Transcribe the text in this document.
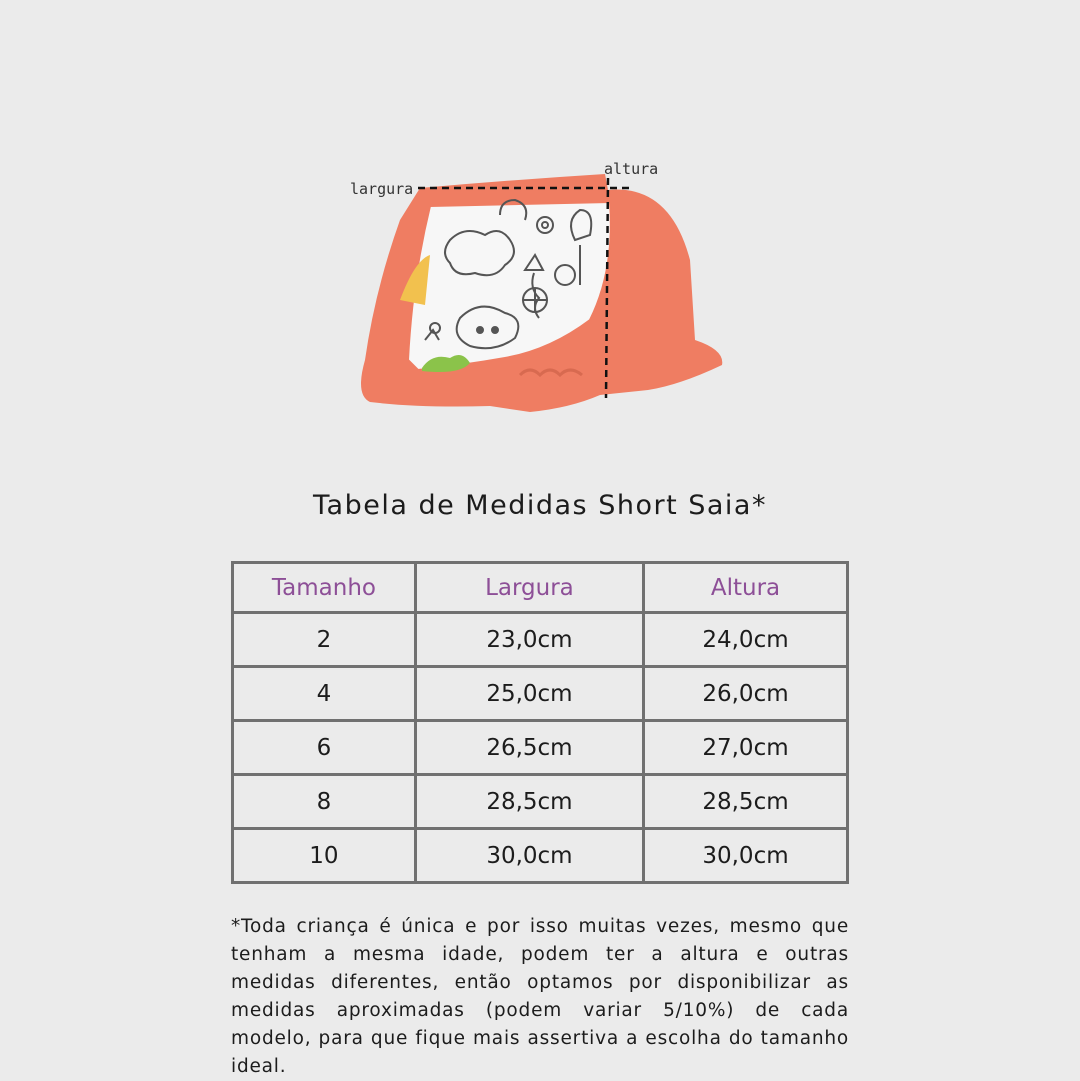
largura
altura
Tabela de Medidas Short Saia*
Tamanho	Largura	Altura
2	23,0cm	24,0cm
4	25,0cm	26,0cm
6	26,5cm	27,0cm
8	28,5cm	28,5cm
10	30,0cm	30,0cm

*Toda criança é única e por isso muitas vezes, mesmo que tenham a mesma idade, podem ter a altura e outras medidas diferentes, então optamos por disponibilizar as medidas aproximadas (podem variar 5/10%) de cada modelo, para que fique mais assertiva a escolha do tamanho ideal.
